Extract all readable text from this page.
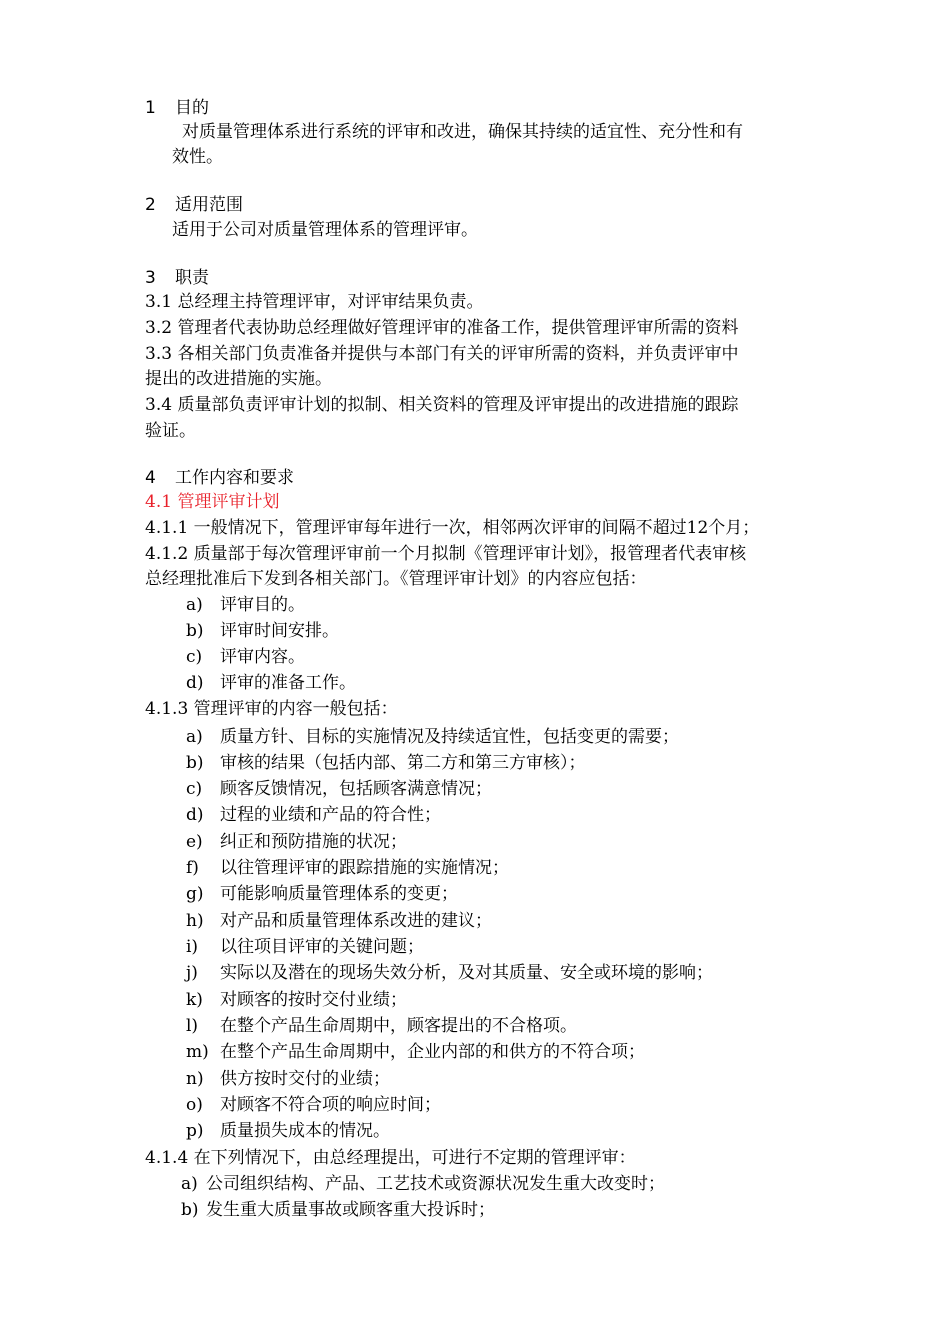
1 目的
对质量管理体系进行系统的评审和改进，确保其持续的适宜性、充分性和有
效性。
2 适用范围
适用于公司对质量管理体系的管理评审。
3 职责
3.1 总经理主持管理评审，对评审结果负责。
3.2 管理者代表协助总经理做好管理评审的准备工作，提供管理评审所需的资料
3.3 各相关部门负责准备并提供与本部门有关的评审所需的资料，并负责评审中
提出的改进措施的实施。
3.4 质量部负责评审计划的拟制、相关资料的管理及评审提出的改进措施的跟踪
验证。
4 工作内容和要求
4.1 管理评审计划
4.1.1 一般情况下，管理评审每年进行一次，相邻两次评审的间隔不超过12个月；
4.1.2 质量部于每次管理评审前一个月拟制《管理评审计划》，报管理者代表审核
总经理批准后下发到各相关部门。《管理评审计划》的内容应包括：
a) 评审目的。
b) 评审时间安排。
c) 评审内容。
d) 评审的准备工作。
4.1.3 管理评审的内容一般包括：
a) 质量方针、目标的实施情况及持续适宜性，包括变更的需要；
b) 审核的结果（包括内部、第二方和第三方审核）；
c) 顾客反馈情况，包括顾客满意情况；
d) 过程的业绩和产品的符合性；
e) 纠正和预防措施的状况；
f) 以往管理评审的跟踪措施的实施情况；
g) 可能影响质量管理体系的变更；
h) 对产品和质量管理体系改进的建议；
i) 以往项目评审的关键问题；
j) 实际以及潜在的现场失效分析，及对其质量、安全或环境的影响；
k) 对顾客的按时交付业绩；
l) 在整个产品生命周期中，顾客提出的不合格项。
m) 在整个产品生命周期中，企业内部的和供方的不符合项；
n) 供方按时交付的业绩；
o) 对顾客不符合项的响应时间；
p) 质量损失成本的情况。
4.1.4 在下列情况下，由总经理提出，可进行不定期的管理评审：
a) 公司组织结构、产品、工艺技术或资源状况发生重大改变时；
b) 发生重大质量事故或顾客重大投诉时；
